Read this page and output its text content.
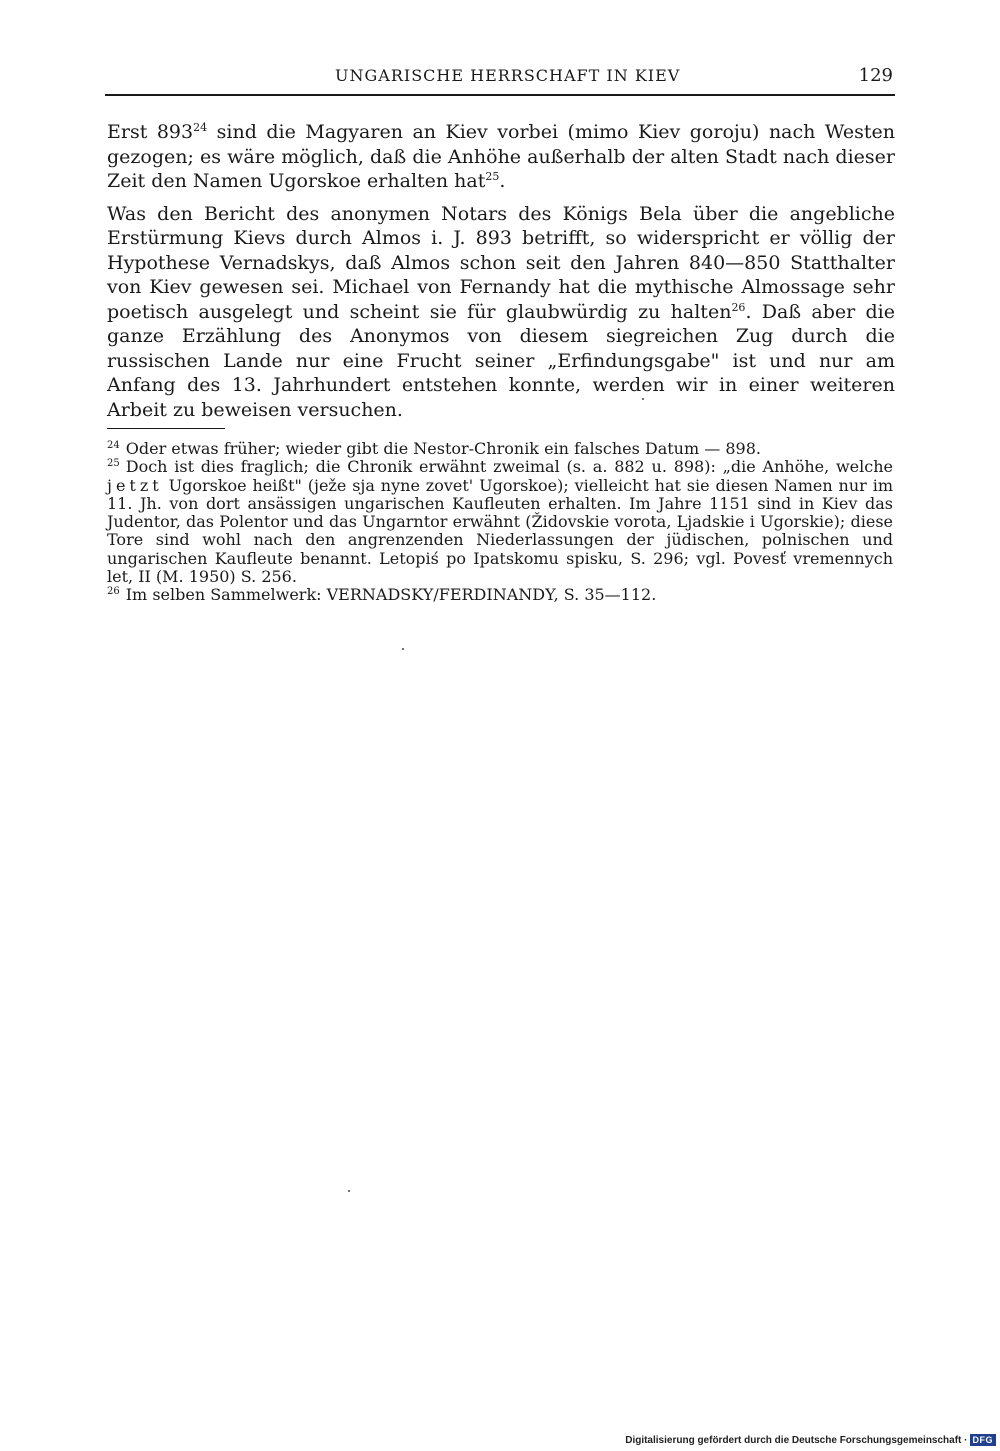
UNGARISCHE HERRSCHAFT IN KIEV	129

Erst $893^{24}$ sind die Magyaren an Kiev vorbei (mimo Kiev goroju) nach Westen gezogen; es wäre möglich, daß die Anhöhe außerhalb der alten Stadt nach dieser Zeit den Namen Ugorskoe erhalten hat$^{25}$.

Was den Bericht des anonymen Notars des Königs Bela über die angebliche Erstürmung Kievs durch Almos i. J. 893 betrifft, so widerspricht er völlig der Hypothese Vernadskys, daß Almos schon seit den Jahren 840—850 Statthalter von Kiev gewesen sei. Michael von Fernandy hat die mythische Almossage sehr poetisch ausgelegt und scheint sie für glaubwürdig zu halten$^{26}$. Daß aber die ganze Erzählung des Anonymos von diesem siegreichen Zug durch die russischen Lande nur eine Frucht seiner „Erfindungsgabe" ist und nur am Anfang des 13. Jahrhundert entstehen konnte, werden wir in einer weiteren Arbeit zu beweisen versuchen.

$^{24}$ Oder etwas früher; wieder gibt die Nestor-Chronik ein falsches Datum — 898.

$^{25}$ Doch ist dies fraglich; die Chronik erwähnt zweimal (s. a. 882 u. 898): „die Anhöhe, welche jetzt Ugorskoe heißt" (ježe sja nyne zovet' Ugorskoe); vielleicht hat sie diesen Namen nur im 11. Jh. von dort ansässigen ungarischen Kaufleuten erhalten. Im Jahre 1151 sind in Kiev das Judentor, das Polentor und das Ungarntor erwähnt (Židovskie vorota, Ljadskie i Ugorskie); diese Tore sind wohl nach den angrenzenden Niederlassungen der jüdischen, polnischen und ungarischen Kaufleute benannt. Letopiś po Ipatskomu spisku, S. 296; vgl. Povesť vremennych let, II (M. 1950) S. 256.

$^{26}$ Im selben Sammelwerk: VERNADSKY/FERDINANDY, S. 35—112.

Digitalisierung gefördert durch die Deutsche Forschungsgemeinschaft · DFG
